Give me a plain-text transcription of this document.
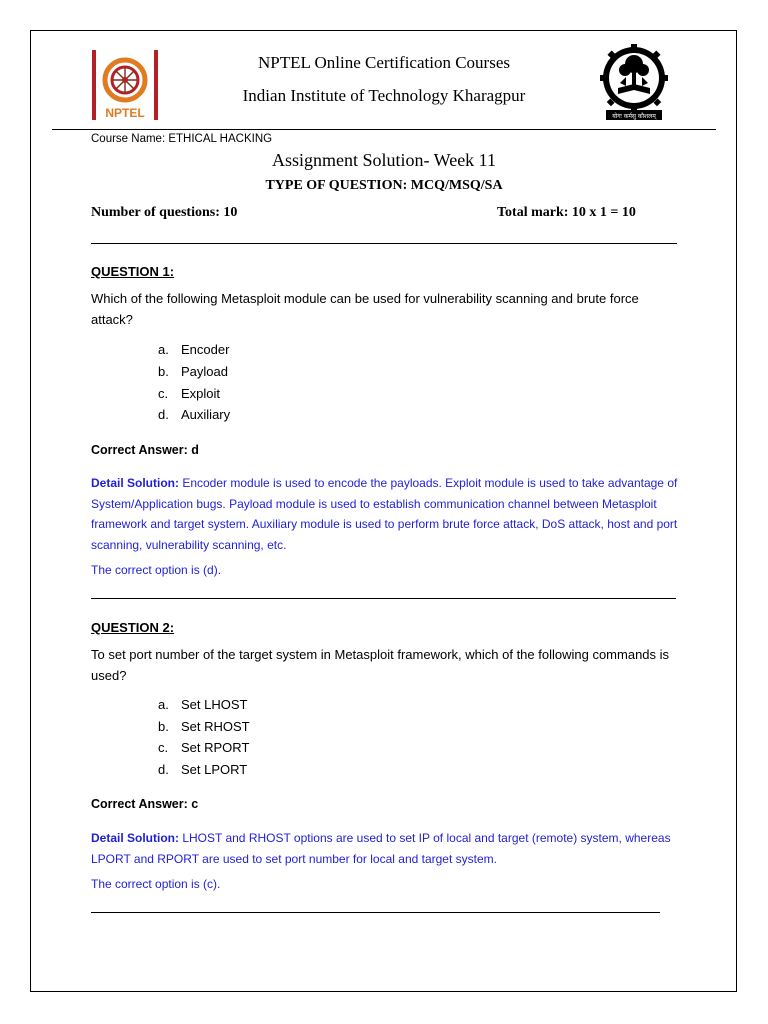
NPTEL	योगः कर्मसु कौशलम्
NPTEL Online Certification Courses
Indian Institute of Technology Kharagpur
Course Name: ETHICAL HACKING
Assignment Solution- Week 11
TYPE OF QUESTION: MCQ/MSQ/SA
Number of questions: 10	Total mark: 10 x 1 = 10
QUESTION 1:
Which of the following Metasploit module can be used for vulnerability scanning and brute force attack?
a. Encoder
b. Payload
c. Exploit
d. Auxiliary
Correct Answer: d
Detail Solution: Encoder module is used to encode the payloads. Exploit module is used to take advantage of System/Application bugs. Payload module is used to establish communication channel between Metasploit framework and target system. Auxiliary module is used to perform brute force attack, DoS attack, host and port scanning, vulnerability scanning, etc.
The correct option is (d).
QUESTION 2:
To set port number of the target system in Metasploit framework, which of the following commands is used?
a. Set LHOST
b. Set RHOST
c. Set RPORT
d. Set LPORT
Correct Answer: c
Detail Solution: LHOST and RHOST options are used to set IP of local and target (remote) system, whereas LPORT and RPORT are used to set port number for local and target system.
The correct option is (c).
